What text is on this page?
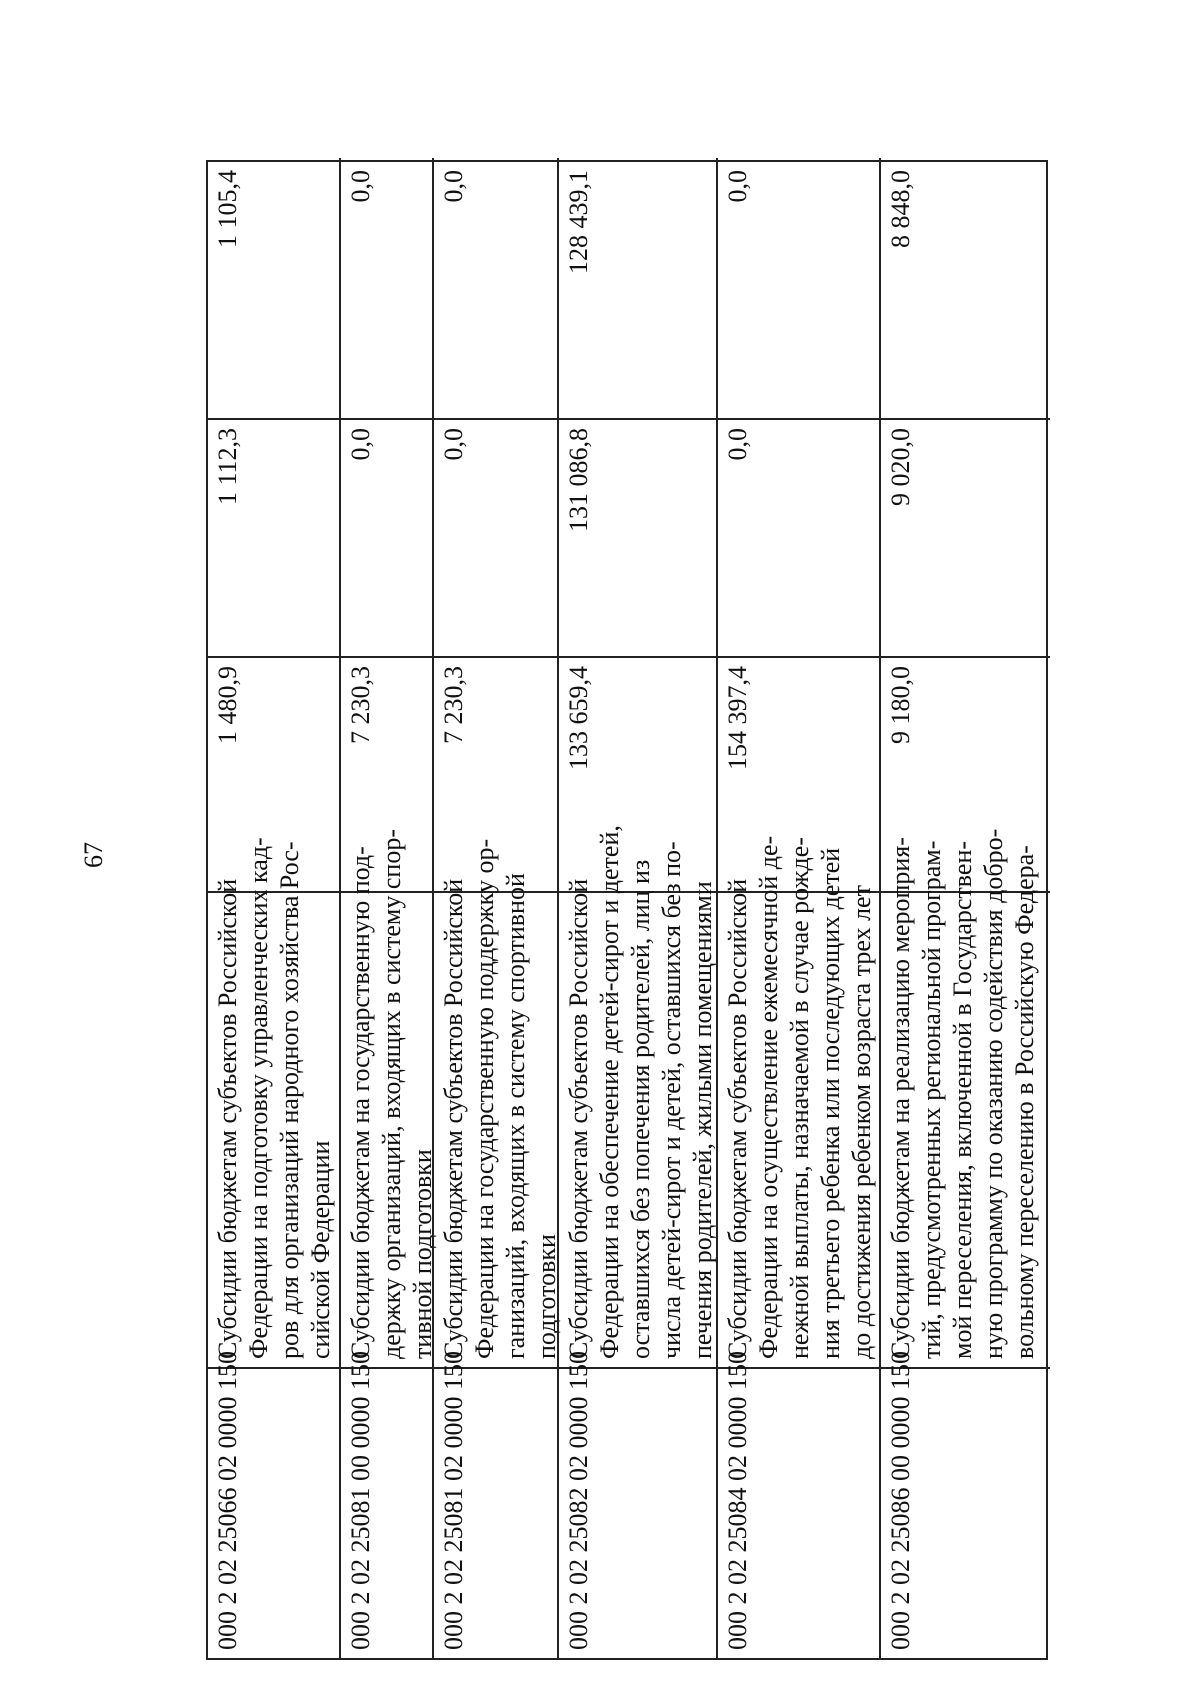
67
000 2 02 25066 02 0000 150
Субсидии бюджетам субъектов Российской Федерации на подготовку управленческих кад- ров для организаций народного хозяйства Рос- сийской Федерации
1 480,9
1 112,3
1 105,4
000 2 02 25081 00 0000 150
Субсидии бюджетам на государственную под- держку организаций, входящих в систему спор- тивной подготовки
7 230,3
0,0
0,0
000 2 02 25081 02 0000 150
Субсидии бюджетам субъектов Российской Федерации на государственную поддержку ор- ганизаций, входящих в систему спортивной подготовки
7 230,3
0,0
0,0
000 2 02 25082 02 0000 150
Субсидии бюджетам субъектов Российской Федерации на обеспечение детей-сирот и детей, оставшихся без попечения родителей, лиц из числа детей-сирот и детей, оставшихся без по- печения родителей, жилыми помещениями
133 659,4
131 086,8
128 439,1
000 2 02 25084 02 0000 150
Субсидии бюджетам субъектов Российской Федерации на осуществление ежемесячной де- нежной выплаты, назначаемой в случае рожде- ния третьего ребенка или последующих детей до достижения ребенком возраста трех лет
154 397,4
0,0
0,0
000 2 02 25086 00 0000 150
Субсидии бюджетам на реализацию мероприя- тий, предусмотренных региональной програм- мой переселения, включенной в Государствен- ную программу по оказанию содействия добро- вольному переселению в Российскую Федера-
9 180,0
9 020,0
8 848,0
